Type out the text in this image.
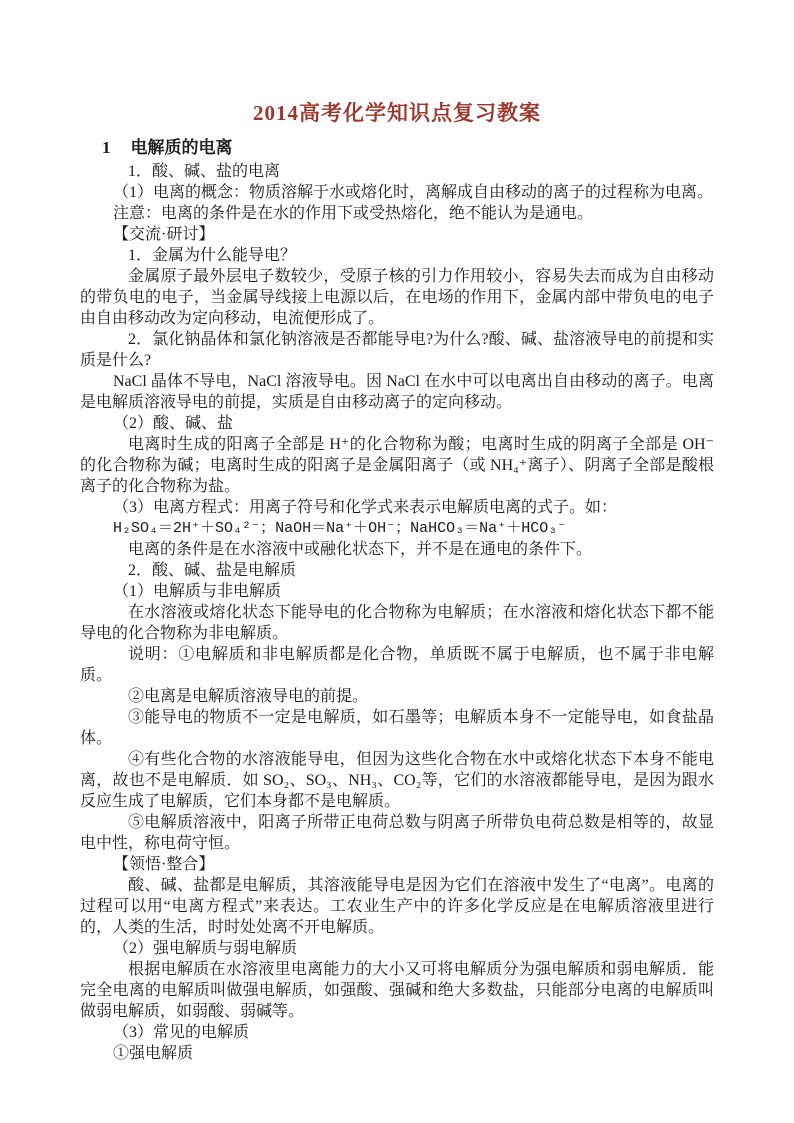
2014高考化学知识点复习教案
1 电解质的电离

1．酸、碱、盐的电离

（1）电离的概念：物质溶解于水或熔化时，离解成自由移动的离子的过程称为电离。

注意：电离的条件是在水的作用下或受热熔化，绝不能认为是通电。

【交流·研讨】

1．金属为什么能导电？

金属原子最外层电子数较少，受原子核的引力作用较小，容易失去而成为自由移动的带负电的电子，当金属导线接上电源以后，在电场的作用下，金属内部中带负电的电子由自由移动改为定向移动，电流便形成了。

2．氯化钠晶体和氯化钠溶液是否都能导电?为什么?酸、碱、盐溶液导电的前提和实质是什么?

NaCl 晶体不导电，NaCl 溶液导电。因 NaCl 在水中可以电离出自由移动的离子。电离是电解质溶液导电的前提，实质是自由移动离子的定向移动。

（2）酸、碱、盐

电离时生成的阳离子全部是 H⁺的化合物称为酸；电离时生成的阴离子全部是 OH⁻的化合物称为碱；电离时生成的阳离子是金属阳离子（或 NH₄⁺离子）、阴离子全部是酸根离子的化合物称为盐。

（3）电离方程式：用离子符号和化学式来表示电解质电离的式子。如：

H₂SO₄＝2H⁺＋SO₄²⁻；NaOH＝Na⁺＋OH⁻；NaHCO₃＝Na⁺＋HCO₃⁻

电离的条件是在水溶液中或融化状态下，并不是在通电的条件下。

2．酸、碱、盐是电解质

（1）电解质与非电解质

在水溶液或熔化状态下能导电的化合物称为电解质；在水溶液和熔化状态下都不能导电的化合物称为非电解质。

说明：①电解质和非电解质都是化合物，单质既不属于电解质，也不属于非电解质。

②电离是电解质溶液导电的前提。

③能导电的物质不一定是电解质，如石墨等；电解质本身不一定能导电，如食盐晶体。

④有些化合物的水溶液能导电，但因为这些化合物在水中或熔化状态下本身不能电离，故也不是电解质．如 SO₂、SO₃、NH₃、CO₂等，它们的水溶液都能导电，是因为跟水反应生成了电解质，它们本身都不是电解质。

⑤电解质溶液中，阳离子所带正电荷总数与阴离子所带负电荷总数是相等的，故显电中性，称电荷守恒。

【领悟·整合】

酸、碱、盐都是电解质，其溶液能导电是因为它们在溶液中发生了“电离”。电离的过程可以用“电离方程式”来表达。工农业生产中的许多化学反应是在电解质溶液里进行的，人类的生活，时时处处离不开电解质。

（2）强电解质与弱电解质

根据电解质在水溶液里电离能力的大小又可将电解质分为强电解质和弱电解质．能完全电离的电解质叫做强电解质，如强酸、强碱和绝大多数盐，只能部分电离的电解质叫做弱电解质，如弱酸、弱碱等。

（3）常见的电解质

①强电解质
